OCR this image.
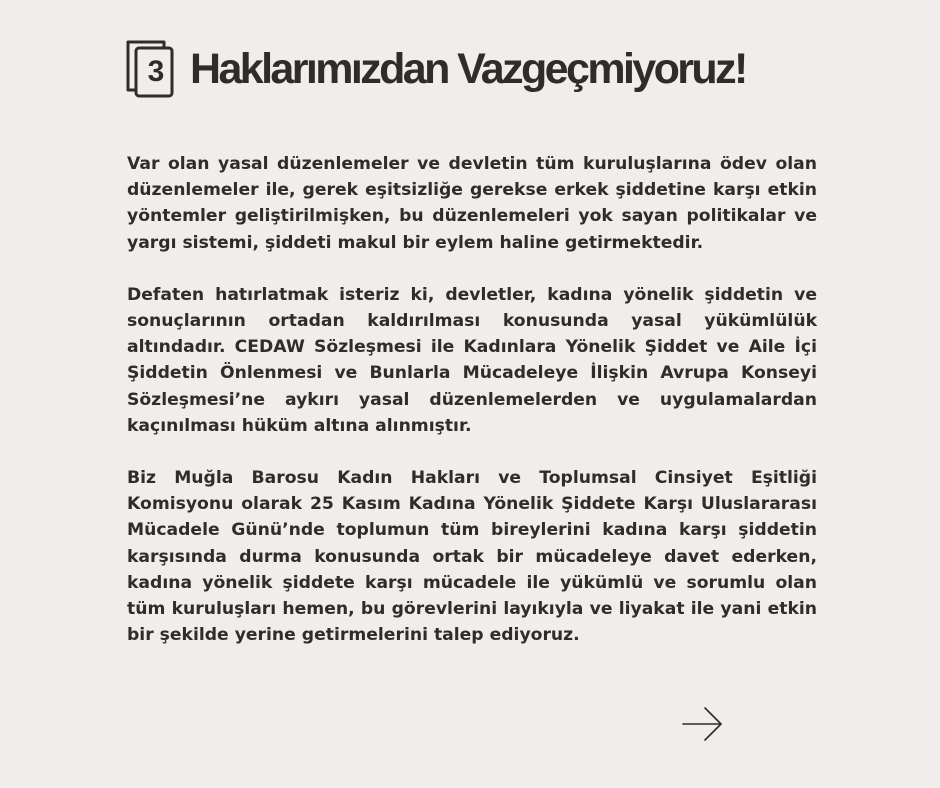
3 Haklarımızdan Vazgeçmiyoruz!

Var olan yasal düzenlemeler ve devletin tüm kuruluşlarına ödev olan düzenlemeler ile, gerek eşitsizliğe gerekse erkek şiddetine karşı etkin yöntemler geliştirilmişken, bu düzenlemeleri yok sayan politikalar ve yargı sistemi, şiddeti makul bir eylem haline getirmektedir.

Defaten hatırlatmak isteriz ki, devletler, kadına yönelik şiddetin ve sonuçlarının ortadan kaldırılması konusunda yasal yükümlülük altındadır. CEDAW Sözleşmesi ile Kadınlara Yönelik Şiddet ve Aile İçi Şiddetin Önlenmesi ve Bunlarla Mücadeleye İlişkin Avrupa Konseyi Sözleşmesi’ne aykırı yasal düzenlemelerden ve uygulamalardan kaçınılması hüküm altına alınmıştır.

Biz Muğla Barosu Kadın Hakları ve Toplumsal Cinsiyet Eşitliği Komisyonu olarak 25 Kasım Kadına Yönelik Şiddete Karşı Uluslararası Mücadele Günü’nde toplumun tüm bireylerini kadına karşı şiddetin karşısında durma konusunda ortak bir mücadeleye davet ederken, kadına yönelik şiddete karşı mücadele ile yükümlü ve sorumlu olan tüm kuruluşları hemen, bu görevlerini layıkıyla ve liyakat ile yani etkin bir şekilde yerine getirmelerini talep ediyoruz.
